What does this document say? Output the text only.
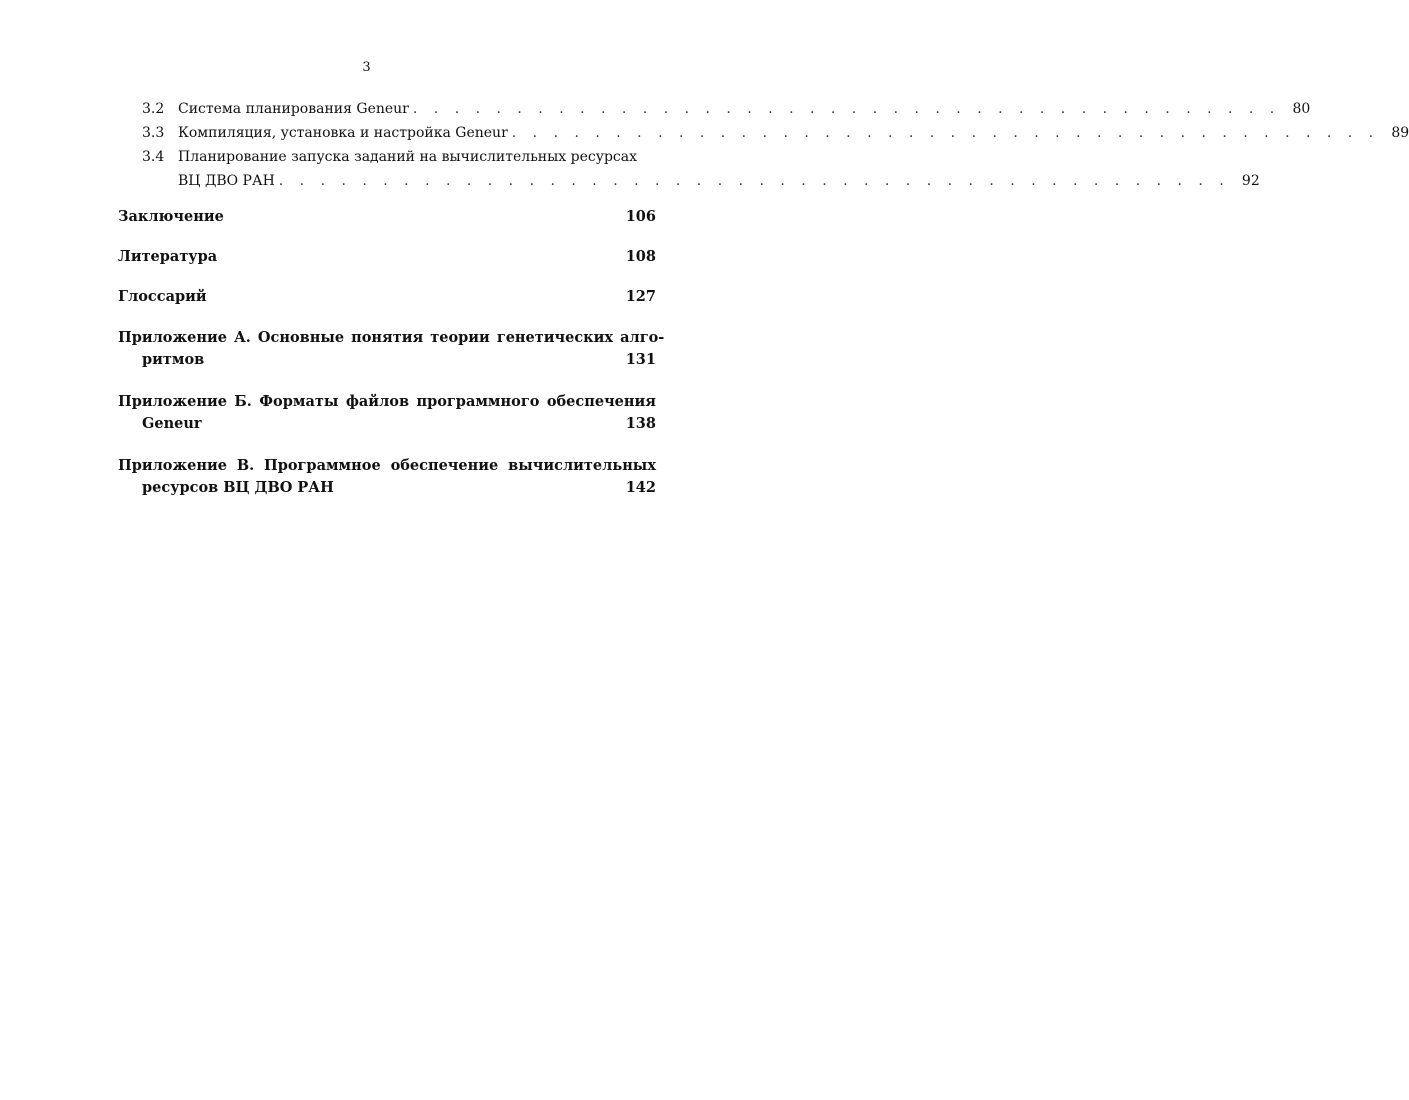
3
3.2 Система планирования Geneur . . . . . . . . . . . . . . . . . . . . . . . . . . . . . . . . . . . . . . . . . . 80
3.3 Компиляция, установка и настройка Geneur . . . . . . . . . . . . . . . . . . . . . . . . . . . . . . . . . . . . . . . . . . 89
3.4 Планирование запуска заданий на вычислительных ресурсах
ВЦ ДВО РАН . . . . . . . . . . . . . . . . . . . . . . . . . . . . . . . . . . . . . . . . . . . . . . 92
Заключение	106
Литература	108
Глоссарий	127
Приложение А. Основные понятия теории генетических алго-
ритмов	131
Приложение Б. Форматы файлов программного обеспечения
Geneur	138
Приложение В. Программное обеспечение вычислительных
ресурсов ВЦ ДВО РАН	142
